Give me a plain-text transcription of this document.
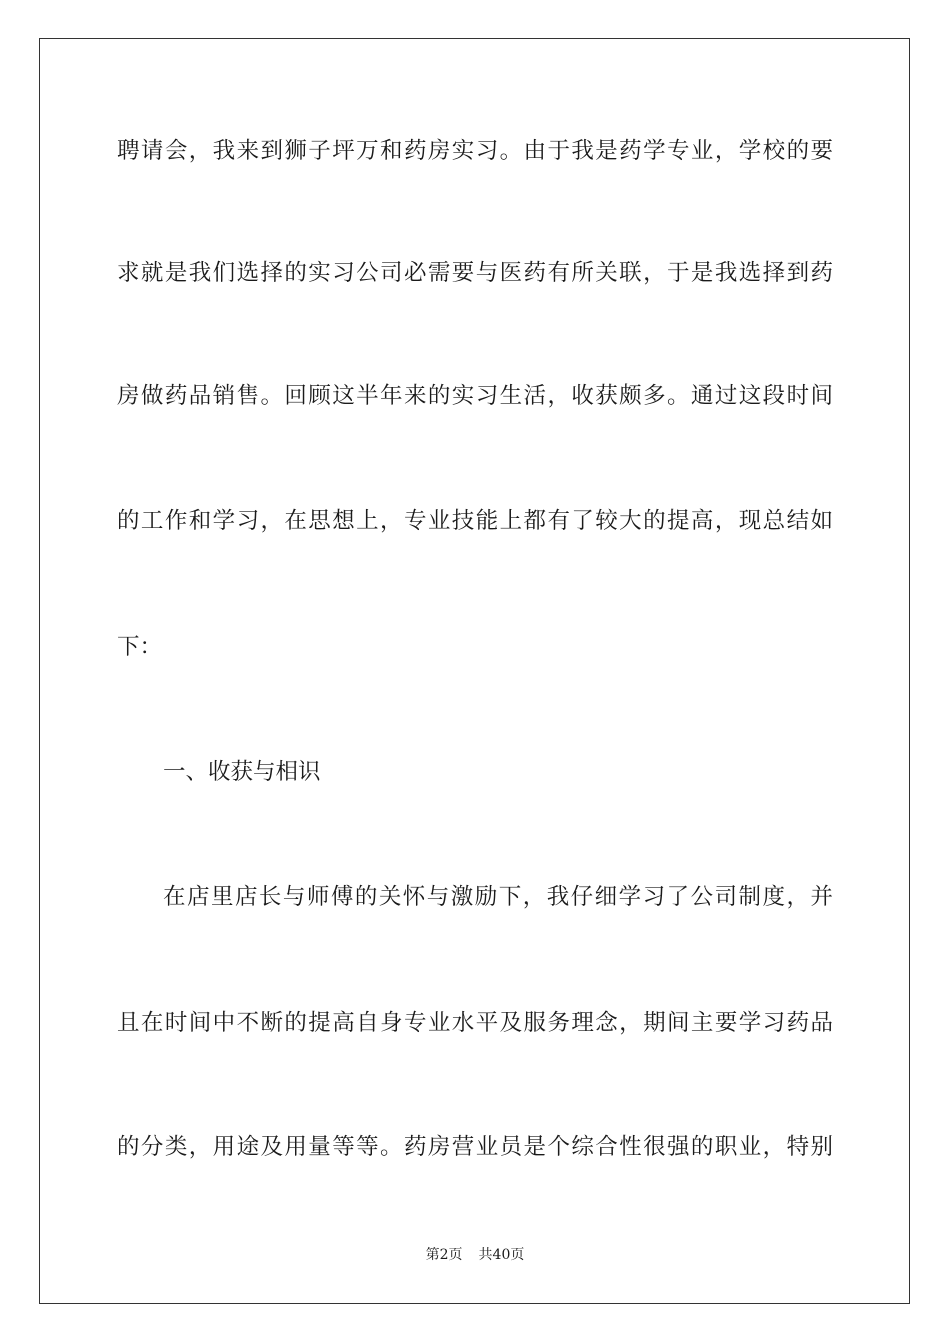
聘请会，我来到狮子坪万和药房实习。由于我是药学专业，学校的要
求就是我们选择的实习公司必需要与医药有所关联，于是我选择到药
房做药品销售。回顾这半年来的实习生活，收获颇多。通过这段时间
的工作和学习，在思想上，专业技能上都有了较大的提高，现总结如
下：
一、收获与相识
在店里店长与师傅的关怀与激励下，我仔细学习了公司制度，并
且在时间中不断的提高自身专业水平及服务理念，期间主要学习药品
的分类，用途及用量等等。药房营业员是个综合性很强的职业，特别
第2页 共40页
